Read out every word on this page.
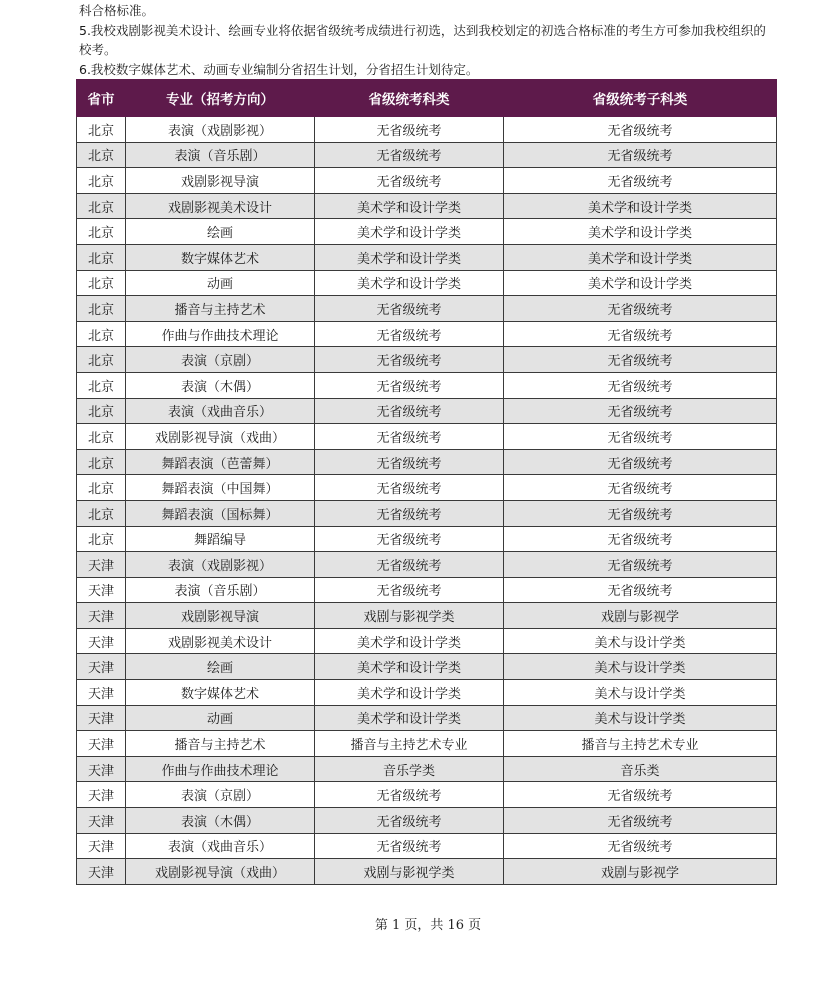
科合格标准。

5.我校戏剧影视美术设计、绘画专业将依据省级统考成绩进行初选，达到我校划定的初选合格标准的考生方可参加我校组织的

校考。

6.我校数字媒体艺术、动画专业编制分省招生计划，分省招生计划待定。

省市	专业（招考方向）	省级统考科类	省级统考子科类
北京	表演（戏剧影视）	无省级统考	无省级统考
北京	表演（音乐剧）	无省级统考	无省级统考
北京	戏剧影视导演	无省级统考	无省级统考
北京	戏剧影视美术设计	美术学和设计学类	美术学和设计学类
北京	绘画	美术学和设计学类	美术学和设计学类
北京	数字媒体艺术	美术学和设计学类	美术学和设计学类
北京	动画	美术学和设计学类	美术学和设计学类
北京	播音与主持艺术	无省级统考	无省级统考
北京	作曲与作曲技术理论	无省级统考	无省级统考
北京	表演（京剧）	无省级统考	无省级统考
北京	表演（木偶）	无省级统考	无省级统考
北京	表演（戏曲音乐）	无省级统考	无省级统考
北京	戏剧影视导演（戏曲）	无省级统考	无省级统考
北京	舞蹈表演（芭蕾舞）	无省级统考	无省级统考
北京	舞蹈表演（中国舞）	无省级统考	无省级统考
北京	舞蹈表演（国标舞）	无省级统考	无省级统考
北京	舞蹈编导	无省级统考	无省级统考
天津	表演（戏剧影视）	无省级统考	无省级统考
天津	表演（音乐剧）	无省级统考	无省级统考
天津	戏剧影视导演	戏剧与影视学类	戏剧与影视学
天津	戏剧影视美术设计	美术学和设计学类	美术与设计学类
天津	绘画	美术学和设计学类	美术与设计学类
天津	数字媒体艺术	美术学和设计学类	美术与设计学类
天津	动画	美术学和设计学类	美术与设计学类
天津	播音与主持艺术	播音与主持艺术专业	播音与主持艺术专业
天津	作曲与作曲技术理论	音乐学类	音乐类
天津	表演（京剧）	无省级统考	无省级统考
天津	表演（木偶）	无省级统考	无省级统考
天津	表演（戏曲音乐）	无省级统考	无省级统考
天津	戏剧影视导演（戏曲）	戏剧与影视学类	戏剧与影视学
第 1 页，共 16 页
